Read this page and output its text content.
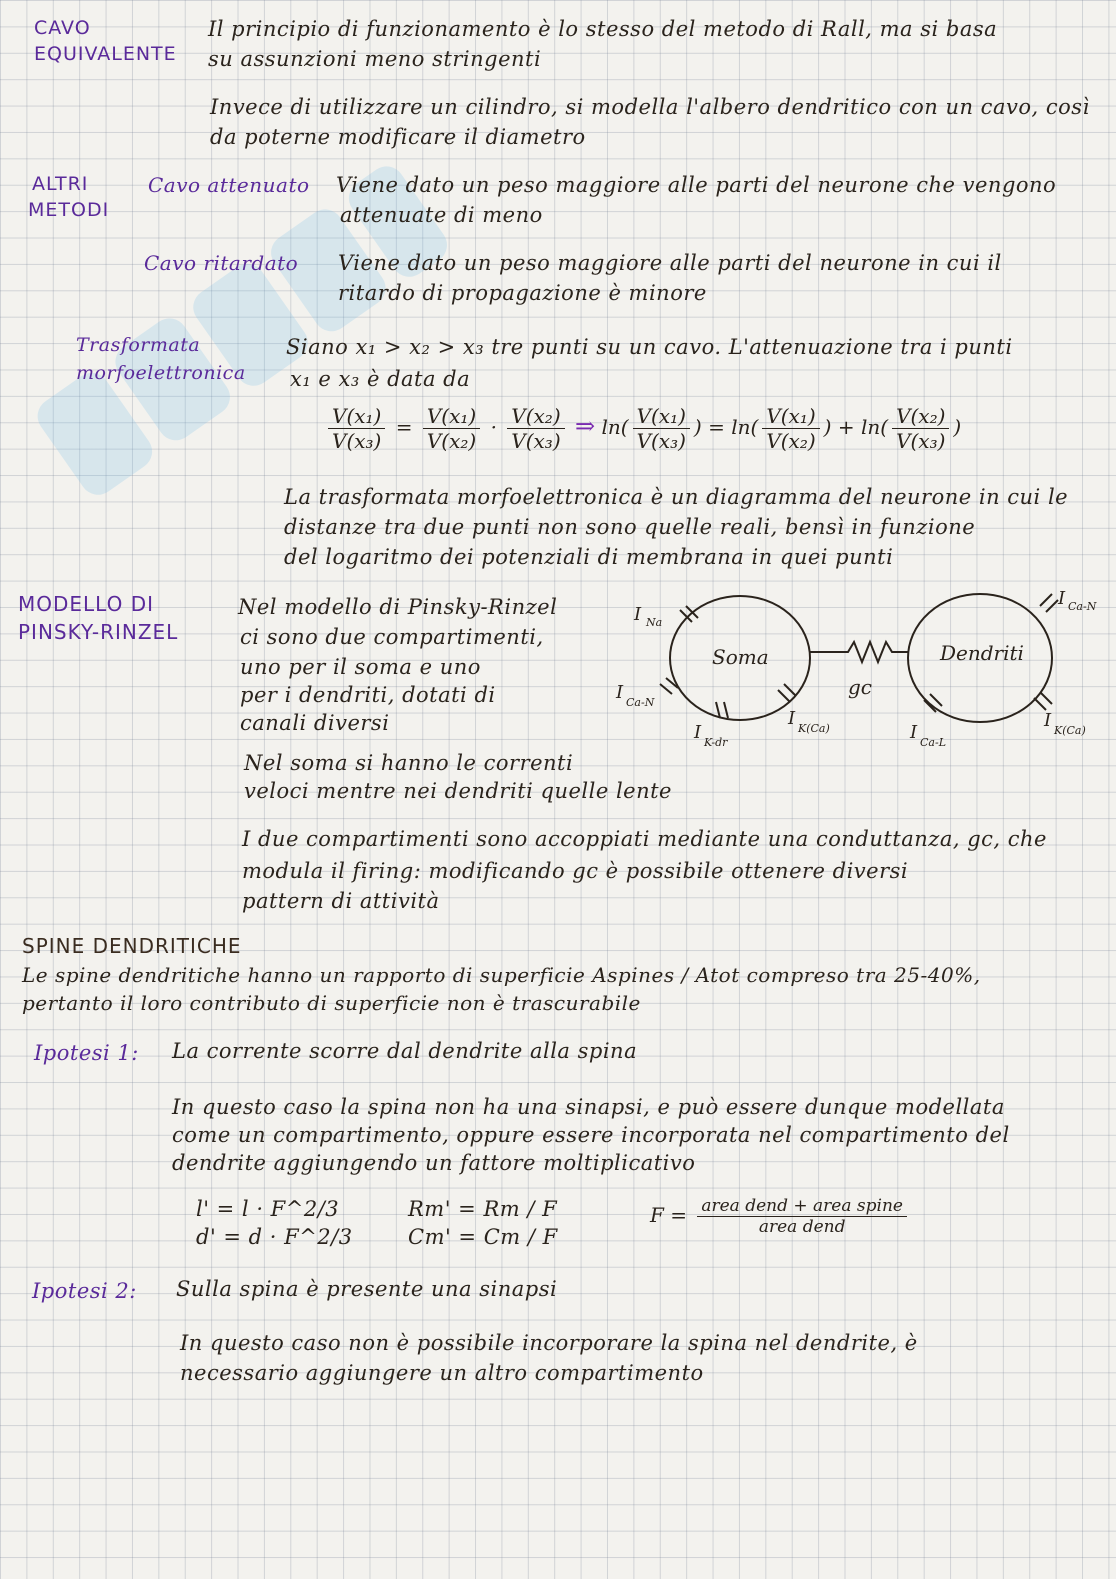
CAVO
EQUIVALENTE
Il principio di funzionamento è lo stesso del metodo di Rall, ma si basa
su assunzioni meno stringenti
Invece di utilizzare un cilindro, si modella l'albero dendritico con un cavo, così
da poterne modificare il diametro
ALTRI
METODI
Cavo attenuato Viene dato un peso maggiore alle parti del neurone che vengono
attenuate di meno
Cavo ritardato Viene dato un peso maggiore alle parti del neurone in cui il
ritardo di propagazione è minore
Trasformata
morfoelettronica
Siano x₁ > x₂ > x₃ tre punti su un cavo. L'attenuazione tra i punti
x₁ e x₃ è data da
$\frac{\text{V(x₁)}}{\text{V(x₃)}} = \frac{\text{V(x₁)}}{\text{V(x₂)}} \cdot \frac{\text{V(x₂)}}{\text{V(x₃)}}$ ⇒ $\ln( \frac{\text{V(x₁)}}{\text{V(x₃)}}$ ) = $\ln( \frac{\text{V(x₁)}}{\text{V(x₂)}}$ ) + $\ln( \frac{\text{V(x₂)}}{\text{V(x₃)}}$ )
La trasformata morfoelettronica è un diagramma del neurone in cui le
distanze tra due punti non sono quelle reali, bensì in funzione
del logaritmo dei potenziali di membrana in quei punti
MODELLO DI
PINSKY-RINZEL
Nel modello di Pinsky-Rinzel
ci sono due compartimenti,
uno per il soma e uno
per i dendriti, dotati di
canali diversi
Nel soma si hanno le correnti
veloci mentre nei dendriti quelle lente
I due compartimenti sono accoppiati mediante una conduttanza, gc, che
modula il firing: modificando gc è possibile ottenere diversi
pattern di attività
Soma	Dendriti
gc
I Na
I Ca-N
I K-dr
I K(Ca)	I Ca-L
I K(Ca)
I Ca-N
SPINE DENDRITICHE
Le spine dendritiche hanno un rapporto di superficie Aspines / Atot compreso tra 25-40%,
pertanto il loro contributo di superficie non è trascurabile
Ipotesi 1: La corrente scorre dal dendrite alla spina
In questo caso la spina non ha una sinapsi, e può essere dunque modellata
come un compartimento, oppure essere incorporata nel compartimento del
dendrite aggiungendo un fattore moltiplicativo
l' = l · F^2/3
d' = d · F^2/3
Rm' = Rm / F
Cm' = Cm / F
$F = \frac{\text{area dend + area spine}}{\text{area dend}}$
Ipotesi 2: Sulla spina è presente una sinapsi
In questo caso non è possibile incorporare la spina nel dendrite, è
necessario aggiungere un altro compartimento
